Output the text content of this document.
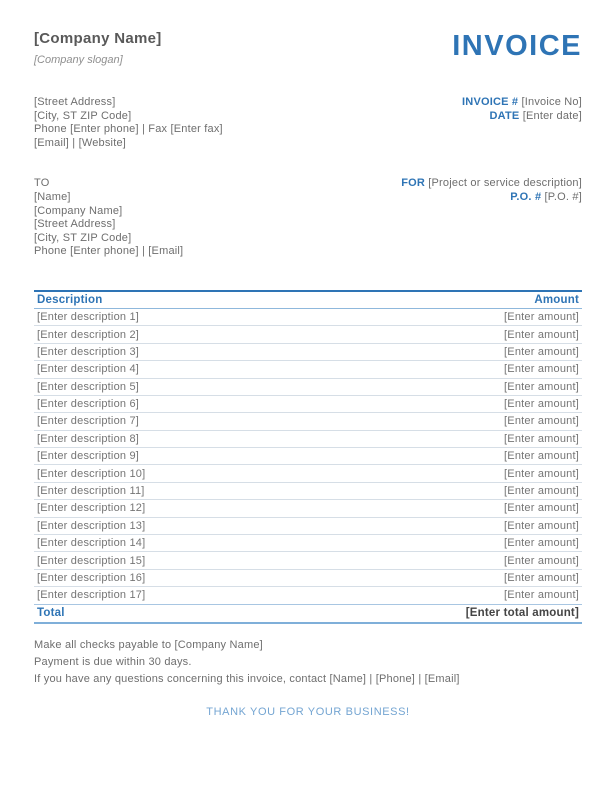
[Company Name]
[Company slogan]	INVOICE
[Street Address]
[City, ST ZIP Code]
Phone [Enter phone] | Fax [Enter fax]
[Email] | [Website]
INVOICE # [Invoice No]
DATE [Enter date]
TO
[Name]
[Company Name]
[Street Address]
[City, ST ZIP Code]
Phone [Enter phone] | [Email]
FOR [Project or service description]
P.O. # [P.O. #]
Description	Amount
[Enter description 1]	[Enter amount]
[Enter description 2]	[Enter amount]
[Enter description 3]	[Enter amount]
[Enter description 4]	[Enter amount]
[Enter description 5]	[Enter amount]
[Enter description 6]	[Enter amount]
[Enter description 7]	[Enter amount]
[Enter description 8]	[Enter amount]
[Enter description 9]	[Enter amount]
[Enter description 10]	[Enter amount]
[Enter description 11]	[Enter amount]
[Enter description 12]	[Enter amount]
[Enter description 13]	[Enter amount]
[Enter description 14]	[Enter amount]
[Enter description 15]	[Enter amount]
[Enter description 16]	[Enter amount]
[Enter description 17]	[Enter amount]
Total	[Enter total amount]
Make all checks payable to [Company Name]
Payment is due within 30 days.
If you have any questions concerning this invoice, contact [Name] | [Phone] | [Email]
THANK YOU FOR YOUR BUSINESS!
